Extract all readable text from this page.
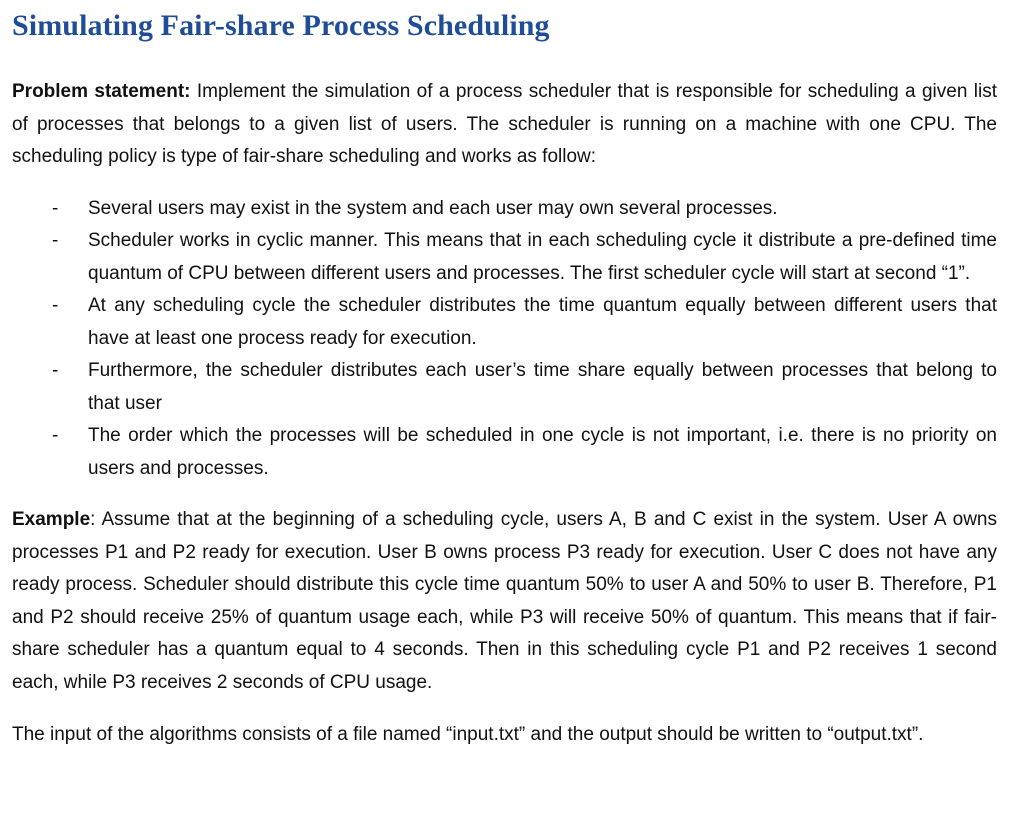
Simulating Fair-share Process Scheduling

Problem statement: Implement the simulation of a process scheduler that is responsible for scheduling a given list of processes that belongs to a given list of users. The scheduler is running on a machine with one CPU. The scheduling policy is type of fair-share scheduling and works as follow:

- Several users may exist in the system and each user may own several processes.
- Scheduler works in cyclic manner. This means that in each scheduling cycle it distribute a pre-defined time quantum of CPU between different users and processes. The first scheduler cycle will start at second “1”.
- At any scheduling cycle the scheduler distributes the time quantum equally between different users that have at least one process ready for execution.
- Furthermore, the scheduler distributes each user’s time share equally between processes that belong to that user
- The order which the processes will be scheduled in one cycle is not important, i.e. there is no priority on users and processes.

Example: Assume that at the beginning of a scheduling cycle, users A, B and C exist in the system. User A owns processes P1 and P2 ready for execution. User B owns process P3 ready for execution. User C does not have any ready process. Scheduler should distribute this cycle time quantum 50% to user A and 50% to user B. Therefore, P1 and P2 should receive 25% of quantum usage each, while P3 will receive 50% of quantum. This means that if fair-share scheduler has a quantum equal to 4 seconds. Then in this scheduling cycle P1 and P2 receives 1 second each, while P3 receives 2 seconds of CPU usage.

The input of the algorithms consists of a file named “input.txt” and the output should be written to “output.txt”.
